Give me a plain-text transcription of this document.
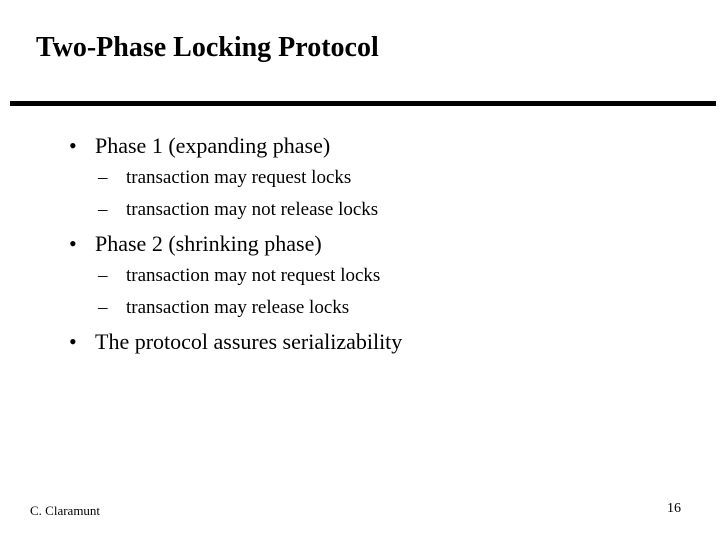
Two-Phase Locking Protocol
• Phase 1 (expanding phase)
– transaction may request locks
– transaction may not release locks
• Phase 2 (shrinking phase)
– transaction may not request locks
– transaction may release locks
• The protocol assures serializability
C. Claramunt	16
